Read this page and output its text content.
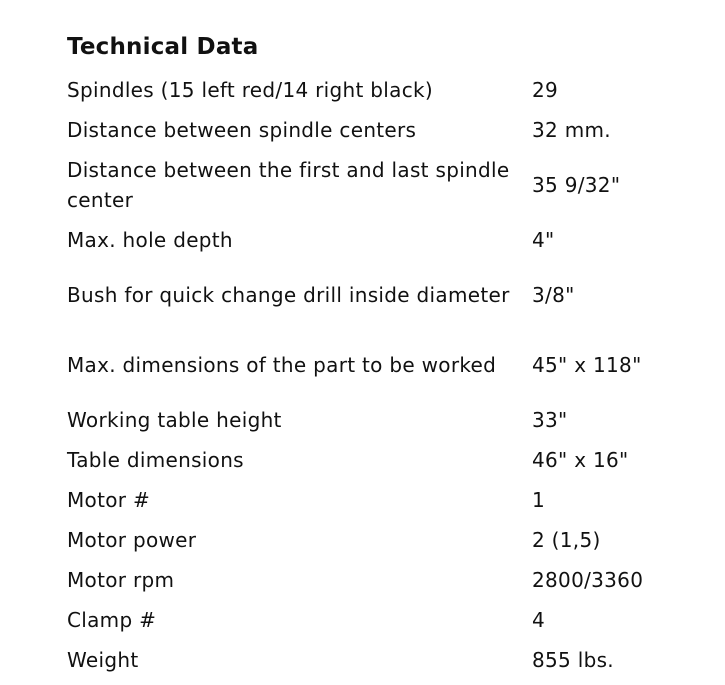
Technical Data
Spindles (15 left red/14 right black)	29
Distance between spindle centers	32 mm.
Distance between the first and last spindle center	35 9/32"
Max. hole depth	4"
Bush for quick change drill inside diameter	3/8"
Max. dimensions of the part to be worked	45" x 118"
Working table height	33"
Table dimensions	46" x 16"
Motor #	1
Motor power	2 (1,5)
Motor rpm	2800/3360
Clamp #	4
Weight	855 lbs.
